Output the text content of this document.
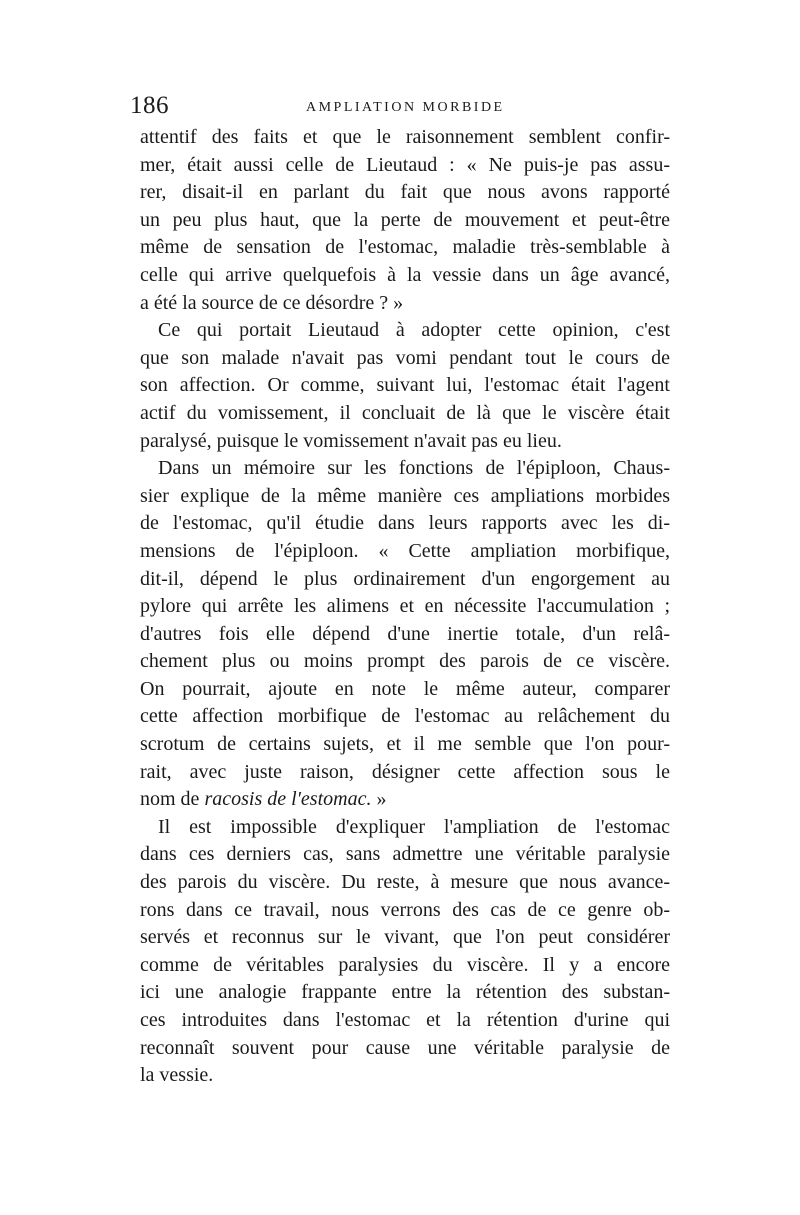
186	AMPLIATION MORBIDE
attentif des faits et que le raisonnement semblent confir-
mer, était aussi celle de Lieutaud : « Ne puis-je pas assu-
rer, disait-il en parlant du fait que nous avons rapporté
un peu plus haut, que la perte de mouvement et peut-être
même de sensation de l'estomac, maladie très-semblable à
celle qui arrive quelquefois à la vessie dans un âge avancé,
a été la source de ce désordre ? »
Ce qui portait Lieutaud à adopter cette opinion, c'est
que son malade n'avait pas vomi pendant tout le cours de
son affection. Or comme, suivant lui, l'estomac était l'agent
actif du vomissement, il concluait de là que le viscère était
paralysé, puisque le vomissement n'avait pas eu lieu.
Dans un mémoire sur les fonctions de l'épiploon, Chaus-
sier explique de la même manière ces ampliations morbides
de l'estomac, qu'il étudie dans leurs rapports avec les di-
mensions de l'épiploon. « Cette ampliation morbifique,
dit-il, dépend le plus ordinairement d'un engorgement au
pylore qui arrête les alimens et en nécessite l'accumulation ;
d'autres fois elle dépend d'une inertie totale, d'un relâ-
chement plus ou moins prompt des parois de ce viscère.
On pourrait, ajoute en note le même auteur, comparer
cette affection morbifique de l'estomac au relâchement du
scrotum de certains sujets, et il me semble que l'on pour-
rait, avec juste raison, désigner cette affection sous le
nom de racosis de l'estomac. »
Il est impossible d'expliquer l'ampliation de l'estomac
dans ces derniers cas, sans admettre une véritable paralysie
des parois du viscère. Du reste, à mesure que nous avance-
rons dans ce travail, nous verrons des cas de ce genre ob-
servés et reconnus sur le vivant, que l'on peut considérer
comme de véritables paralysies du viscère. Il y a encore
ici une analogie frappante entre la rétention des substan-
ces introduites dans l'estomac et la rétention d'urine qui
reconnaît souvent pour cause une véritable paralysie de
la vessie.
